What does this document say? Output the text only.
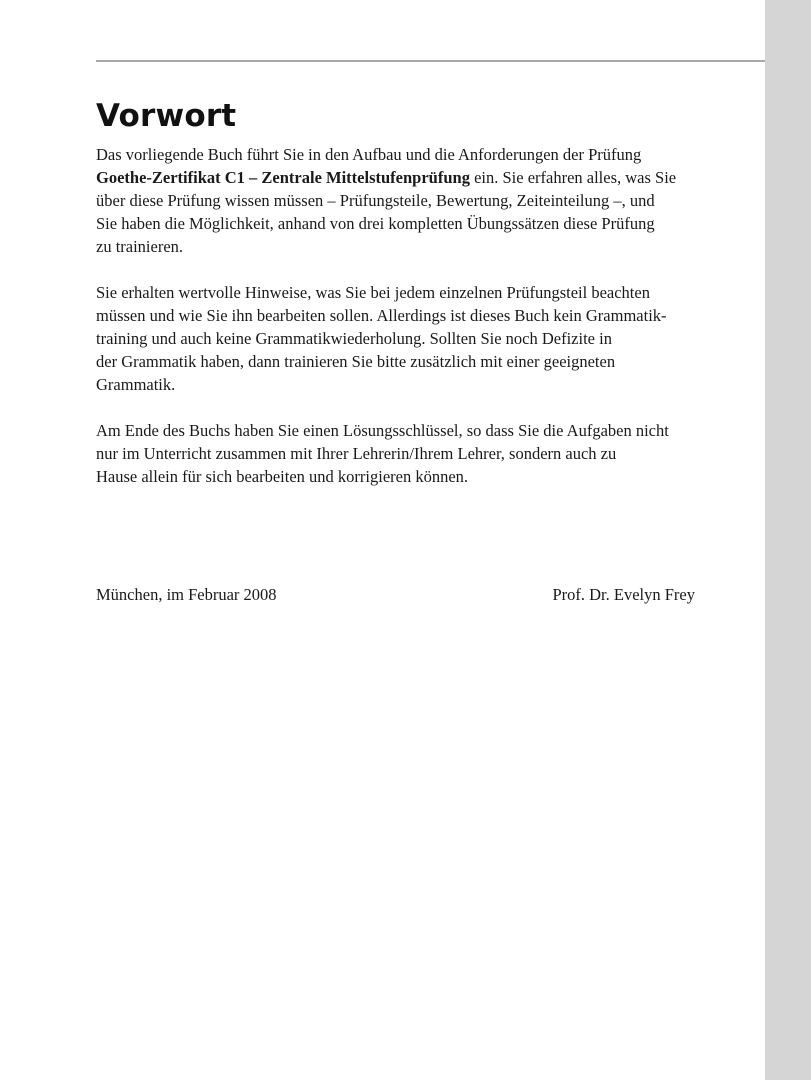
Vorwort

Das vorliegende Buch führt Sie in den Aufbau und die Anforderungen der Prüfung
Goethe-Zertifikat C1 – Zentrale Mittelstufenprüfung ein. Sie erfahren alles, was Sie
über diese Prüfung wissen müssen – Prüfungsteile, Bewertung, Zeiteinteilung –, und
Sie haben die Möglichkeit, anhand von drei kompletten Übungssätzen diese Prüfung
zu trainieren.

Sie erhalten wertvolle Hinweise, was Sie bei jedem einzelnen Prüfungsteil beachten
müssen und wie Sie ihn bearbeiten sollen. Allerdings ist dieses Buch kein Grammatik-
training und auch keine Grammatikwiederholung. Sollten Sie noch Defizite in
der Grammatik haben, dann trainieren Sie bitte zusätzlich mit einer geeigneten
Grammatik.

Am Ende des Buchs haben Sie einen Lösungsschlüssel, so dass Sie die Aufgaben nicht
nur im Unterricht zusammen mit Ihrer Lehrerin/Ihrem Lehrer, sondern auch zu
Hause allein für sich bearbeiten und korrigieren können.

München, im Februar 2008	Prof. Dr. Evelyn Frey
